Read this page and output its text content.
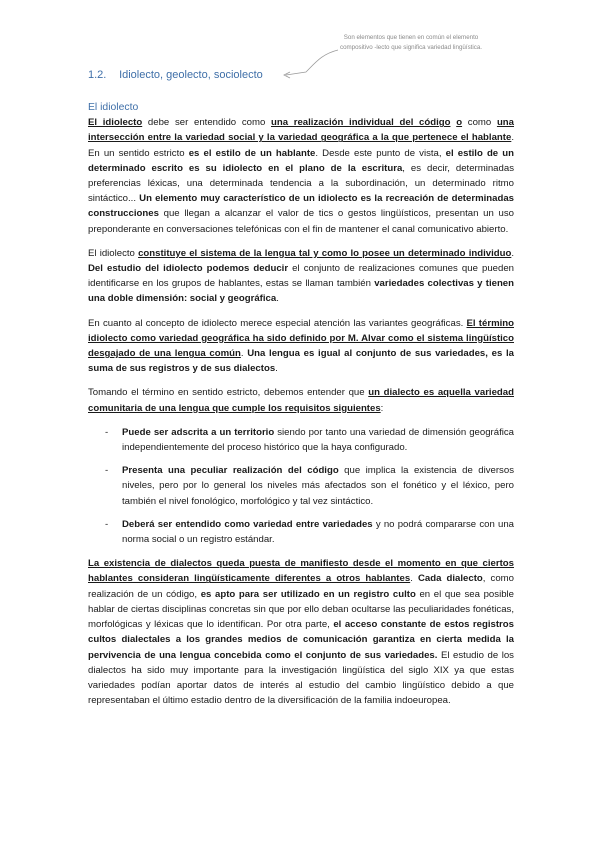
Son elementos que tienen en común el elemento compositivo -lecto que significa variedad lingüística.
1.2. Idiolecto, geolecto, sociolecto
El idiolecto

El idiolecto debe ser entendido como una realización individual del código o como una intersección entre la variedad social y la variedad geográfica a la que pertenece el hablante. En un sentido estricto es el estilo de un hablante. Desde este punto de vista, el estilo de un determinado escrito es su idiolecto en el plano de la escritura, es decir, determinadas preferencias léxicas, una determinada tendencia a la subordinación, un determinado ritmo sintáctico... Un elemento muy característico de un idiolecto es la recreación de determinadas construcciones que llegan a alcanzar el valor de tics o gestos lingüísticos, presentan un uso preponderante en conversaciones telefónicas con el fin de mantener el canal comunicativo abierto.

El idiolecto constituye el sistema de la lengua tal y como lo posee un determinado individuo. Del estudio del idiolecto podemos deducir el conjunto de realizaciones comunes que pueden identificarse en los grupos de hablantes, estas se llaman también variedades colectivas y tienen una doble dimensión: social y geográfica.

En cuanto al concepto de idiolecto merece especial atención las variantes geográficas. El término idiolecto como variedad geográfica ha sido definido por M. Alvar como el sistema lingüístico desgajado de una lengua común. Una lengua es igual al conjunto de sus variedades, es la suma de sus registros y de sus dialectos.

Tomando el término en sentido estricto, debemos entender que un dialecto es aquella variedad comunitaria de una lengua que cumple los requisitos siguientes:

- Puede ser adscrita a un territorio siendo por tanto una variedad de dimensión geográfica independientemente del proceso histórico que la haya configurado.
- Presenta una peculiar realización del código que implica la existencia de diversos niveles, pero por lo general los niveles más afectados son el fonético y el léxico, pero también el nivel fonológico, morfológico y tal vez sintáctico.
- Deberá ser entendido como variedad entre variedades y no podrá compararse con una norma social o un registro estándar.

La existencia de dialectos queda puesta de manifiesto desde el momento en que ciertos hablantes consideran lingüísticamente diferentes a otros hablantes. Cada dialecto, como realización de un código, es apto para ser utilizado en un registro culto en el que sea posible hablar de ciertas disciplinas concretas sin que por ello deban ocultarse las peculiaridades fonéticas, morfológicas y léxicas que lo identifican. Por otra parte, el acceso constante de estos registros cultos dialectales a los grandes medios de comunicación garantiza en cierta medida la pervivencia de una lengua concebida como el conjunto de sus variedades. El estudio de los dialectos ha sido muy importante para la investigación lingüística del siglo XIX ya que estas variedades podían aportar datos de interés al estudio del cambio lingüístico debido a que representaban el último estadio dentro de la diversificación de la familia indoeuropea.
